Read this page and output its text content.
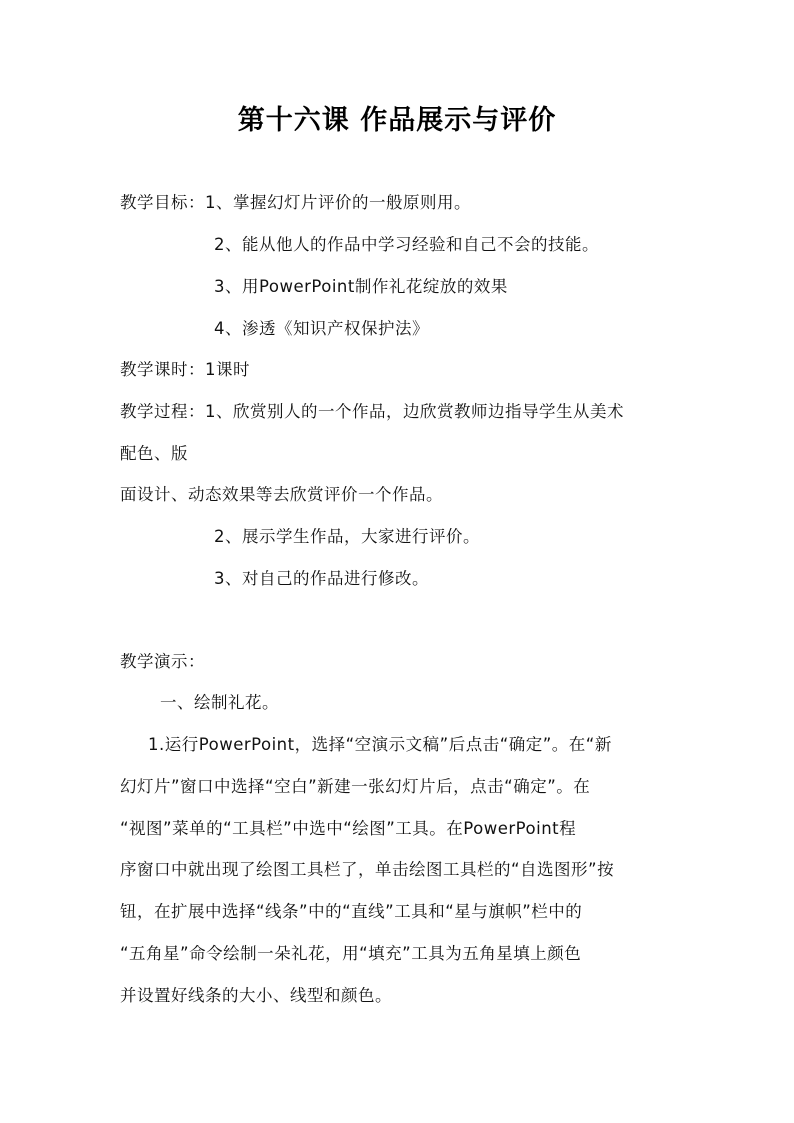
第十六课 作品展示与评价
教学目标：1、掌握幻灯片评价的一般原则用。
2、能从他人的作品中学习经验和自己不会的技能。
3、用PowerPoint制作礼花绽放的效果
4、渗透《知识产权保护法》
教学课时：1课时
教学过程：1、欣赏别人的一个作品，边欣赏教师边指导学生从美术
配色、版
面设计、动态效果等去欣赏评价一个作品。
2、展示学生作品，大家进行评价。
3、对自己的作品进行修改。
教学演示：
一、绘制礼花。
1.运行PowerPoint，选择“空演示文稿”后点击“确定”。在“新
幻灯片”窗口中选择“空白”新建一张幻灯片后，点击“确定”。在
“视图”菜单的“工具栏”中选中“绘图”工具。在PowerPoint程
序窗口中就出现了绘图工具栏了，单击绘图工具栏的“自选图形”按
钮，在扩展中选择“线条”中的“直线”工具和“星与旗帜”栏中的
“五角星”命令绘制一朵礼花，用“填充”工具为五角星填上颜色
并设置好线条的大小、线型和颜色。
